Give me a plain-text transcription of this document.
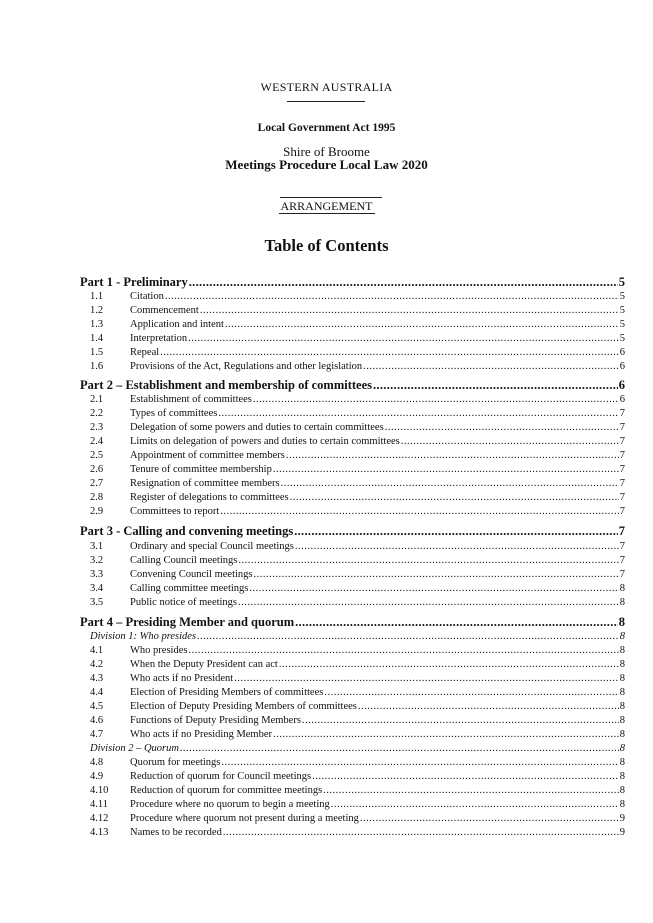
WESTERN AUSTRALIA
Local Government Act 1995
Shire of Broome
Meetings Procedure Local Law 2020
ARRANGEMENT
Table of Contents
Part 1 - Preliminary .....	5
1.1	Citation .....	5
1.2	Commencement .....	5
1.3	Application and intent .....	5
1.4	Interpretation .....	5
1.5	Repeal .....	6
1.6	Provisions of the Act, Regulations and other legislation .....	6
Part 2 – Establishment and membership of committees .....	6
2.1	Establishment of committees .....	6
2.2	Types of committees .....	7
2.3	Delegation of some powers and duties to certain committees .....	7
2.4	Limits on delegation of powers and duties to certain committees .....	7
2.5	Appointment of committee members .....	7
2.6	Tenure of committee membership .....	7
2.7	Resignation of committee members .....	7
2.8	Register of delegations to committees .....	7
2.9	Committees to report .....	7
Part 3 - Calling and convening meetings .....	7
3.1	Ordinary and special Council meetings .....	7
3.2	Calling Council meetings .....	7
3.3	Convening Council meetings .....	7
3.4	Calling committee meetings .....	8
3.5	Public notice of meetings .....	8
Part 4 – Presiding Member and quorum .....	8
Division 1: Who presides .....	8
4.1	Who presides .....	8
4.2	When the Deputy President can act .....	8
4.3	Who acts if no President .....	8
4.4	Election of Presiding Members of committees .....	8
4.5	Election of Deputy Presiding Members of committees .....	8
4.6	Functions of Deputy Presiding Members .....	8
4.7	Who acts if no Presiding Member .....	8
Division 2 – Quorum .....	8
4.8	Quorum for meetings .....	8
4.9	Reduction of quorum for Council meetings .....	8
4.10	Reduction of quorum for committee meetings .....	8
4.11	Procedure where no quorum to begin a meeting .....	8
4.12	Procedure where quorum not present during a meeting .....	9
4.13	Names to be recorded .....	9
